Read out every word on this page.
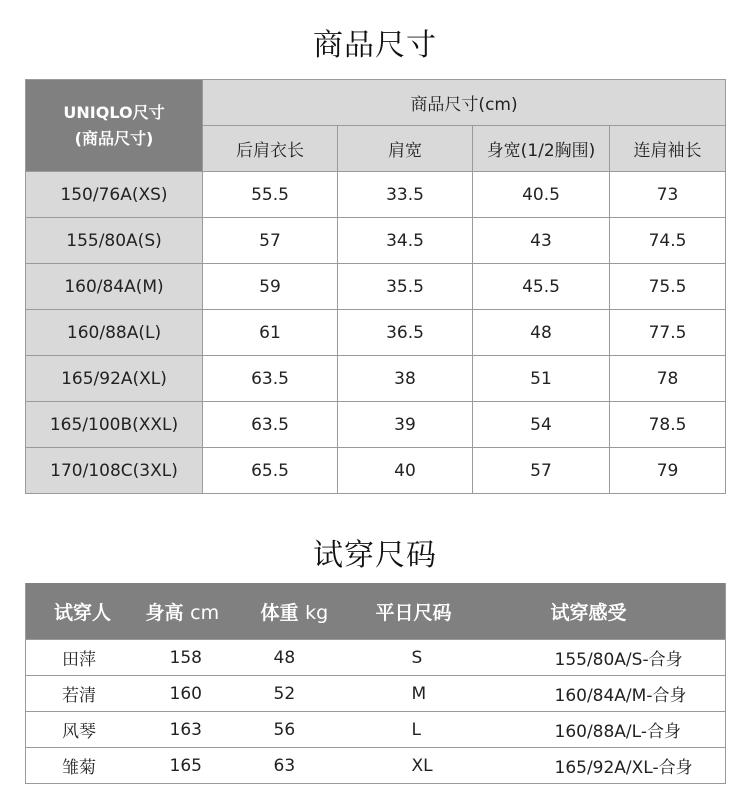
商品尺寸
UNIQLO尺寸
(商品尺寸)	商品尺寸(cm)			
	后肩衣长	肩宽	身宽(1/2胸围)	连肩袖长
150/76A(XS)	55.5	33.5	40.5	73
155/80A(S)	57	34.5	43	74.5
160/84A(M)	59	35.5	45.5	75.5
160/88A(L)	61	36.5	48	77.5
165/92A(XL)	63.5	38	51	78
165/100B(XXL)	63.5	39	54	78.5
170/108C(3XL)	65.5	40	57	79
试穿尺码
试穿人	身高 cm	体重 kg	平日尺码	试穿感受
田萍	158	48	S	155/80A/S-合身
若清	160	52	M	160/84A/M-合身
风琴	163	56	L	160/88A/L-合身
雏菊	165	63	XL	165/92A/XL-合身
